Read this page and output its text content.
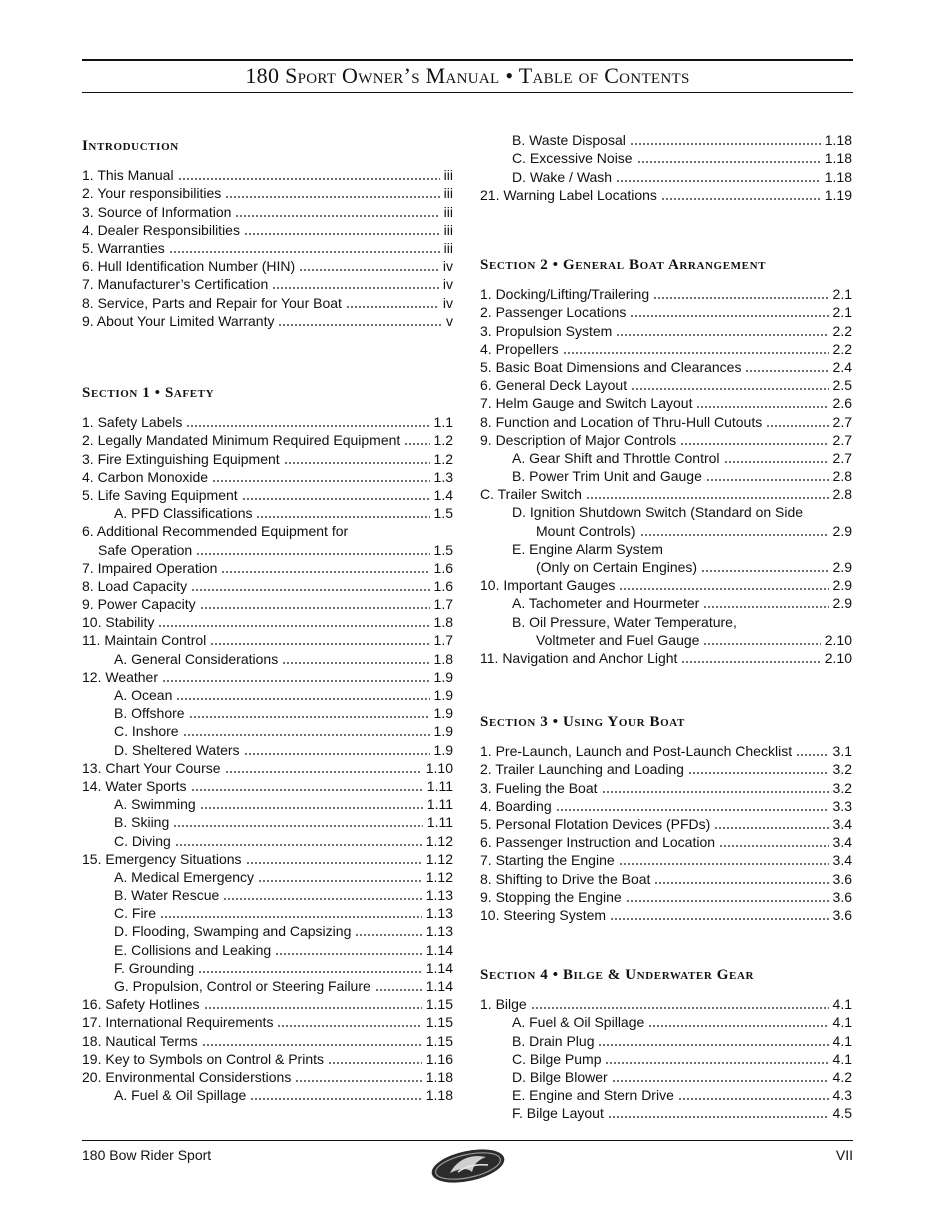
180 Sport Owner’s Manual • Table of Contents
Introduction
1. This Manual	iii
2. Your responsibilities	iii
3. Source of Information	iii
4. Dealer Responsibilities	iii
5. Warranties	iii
6. Hull Identification Number (HIN)	iv
7. Manufacturer’s Certification	iv
8. Service, Parts and Repair for Your Boat	iv
9. About Your Limited Warranty	v
Section 1 • Safety
1. Safety Labels	1.1
2. Legally Mandated Minimum Required Equipment 1.2
3. Fire Extinguishing Equipment	1.2
4. Carbon Monoxide	1.3
5. Life Saving Equipment	1.4
A. PFD Classifications	1.5
6. Additional Recommended Equipment for
Safe Operation	1.5
7. Impaired Operation	1.6
8. Load Capacity	1.6
9. Power Capacity	1.7
10. Stability	1.8
11. Maintain Control	1.7
A. General Considerations	1.8
12. Weather	1.9
A. Ocean	1.9
B. Offshore	1.9
C. Inshore	1.9
D. Sheltered Waters	1.9
13. Chart Your Course	1.10
14. Water Sports	1.11
A. Swimming	1.11
B. Skiing	1.11
C. Diving	1.12
15. Emergency Situations	1.12
A. Medical Emergency	1.12
B. Water Rescue	1.13
C. Fire	1.13
D. Flooding, Swamping and Capsizing	1.13
E. Collisions and Leaking	1.14
F. Grounding	1.14
G. Propulsion, Control or Steering Failure	1.14
16. Safety Hotlines	1.15
17. International Requirements	1.15
18. Nautical Terms	1.15
19. Key to Symbols on Control & Prints	1.16
20. Environmental Considerstions	1.18
A. Fuel & Oil Spillage	1.18
B. Waste Disposal	1.18
C. Excessive Noise	1.18
D. Wake / Wash	1.18
21. Warning Label Locations	1.19
Section 2 • General Boat Arrangement
1. Docking/Lifting/Trailering	2.1
2. Passenger Locations	2.1
3. Propulsion System	2.2
4. Propellers	2.2
5. Basic Boat Dimensions and Clearances	2.4
6. General Deck Layout	2.5
7. Helm Gauge and Switch Layout	2.6
8. Function and Location of Thru-Hull Cutouts	2.7
9. Description of Major Controls	2.7
A. Gear Shift and Throttle Control	2.7
B. Power Trim Unit and Gauge	2.8
C. Trailer Switch	2.8
D. Ignition Shutdown Switch (Standard on Side
Mount Controls)	2.9
E. Engine Alarm System
(Only on Certain Engines)	2.9
10. Important Gauges	2.9
A. Tachometer and Hourmeter	2.9
B. Oil Pressure, Water Temperature,
Voltmeter and Fuel Gauge	2.10
11. Navigation and Anchor Light	2.10
Section 3 • Using Your Boat
1. Pre-Launch, Launch and Post-Launch Checklist	3.1
2. Trailer Launching and Loading	3.2
3. Fueling the Boat	3.2
4. Boarding	3.3
5. Personal Flotation Devices (PFDs)	3.4
6. Passenger Instruction and Location	3.4
7. Starting the Engine	3.4
8. Shifting to Drive the Boat	3.6
9. Stopping the Engine	3.6
10. Steering System	3.6
Section 4 • Bilge & Underwater Gear
1. Bilge	4.1
A. Fuel & Oil Spillage	4.1
B. Drain Plug	4.1
C. Bilge Pump	4.1
D. Bilge Blower	4.2
E. Engine and Stern Drive	4.3
F. Bilge Layout	4.5
180 Bow Rider Sport	VII
